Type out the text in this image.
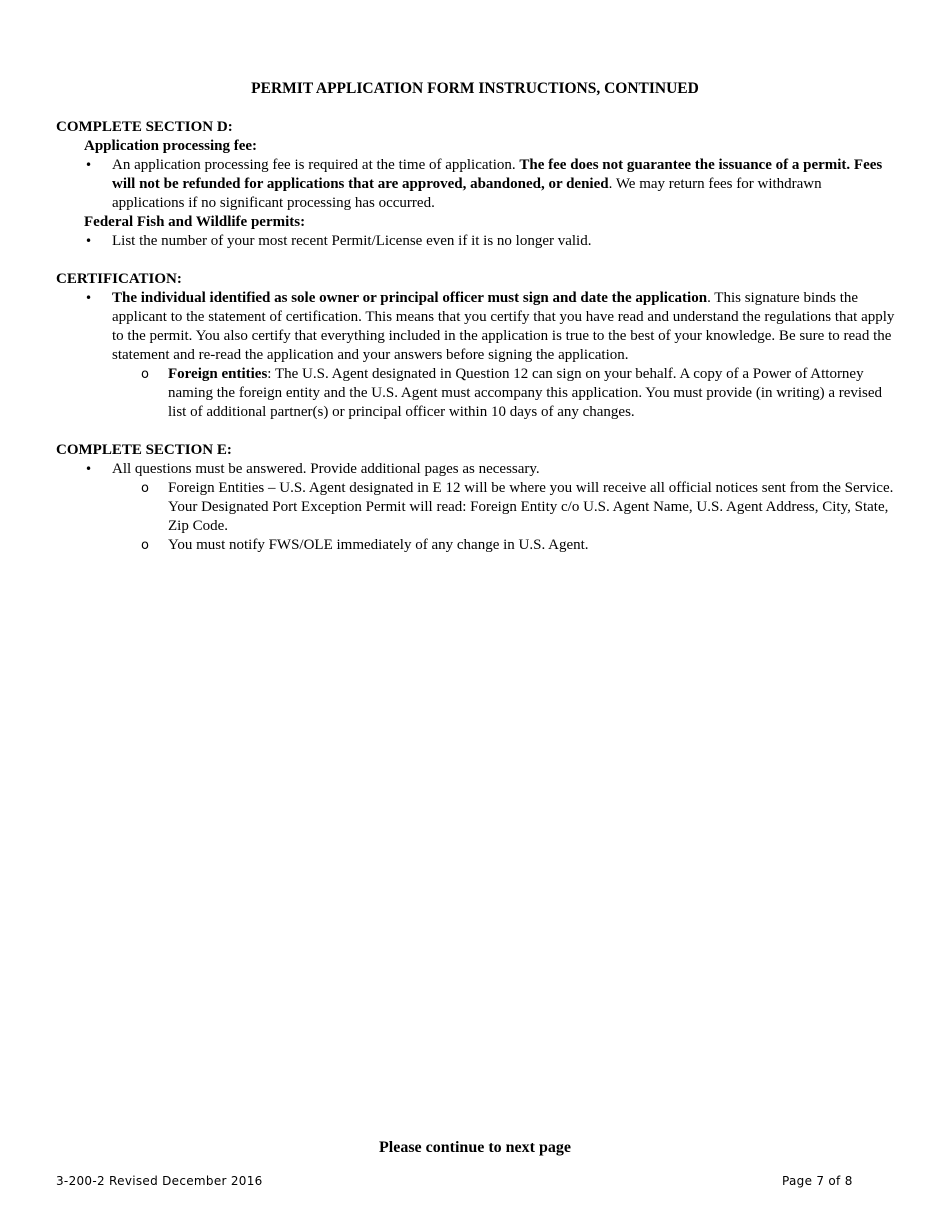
PERMIT APPLICATION FORM INSTRUCTIONS, CONTINUED
COMPLETE SECTION D:
Application processing fee:
• An application processing fee is required at the time of application. The fee does not guarantee the issuance of a permit. Fees will not be refunded for applications that are approved, abandoned, or denied. We may return fees for withdrawn applications if no significant processing has occurred.
Federal Fish and Wildlife permits:
• List the number of your most recent Permit/License even if it is no longer valid.
CERTIFICATION:
• The individual identified as sole owner or principal officer must sign and date the application. This signature binds the applicant to the statement of certification. This means that you certify that you have read and understand the regulations that apply to the permit. You also certify that everything included in the application is true to the best of your knowledge. Be sure to read the statement and re-read the application and your answers before signing the application.
o Foreign entities: The U.S. Agent designated in Question 12 can sign on your behalf. A copy of a Power of Attorney naming the foreign entity and the U.S. Agent must accompany this application. You must provide (in writing) a revised list of additional partner(s) or principal officer within 10 days of any changes.
COMPLETE SECTION E:
• All questions must be answered. Provide additional pages as necessary.
o Foreign Entities – U.S. Agent designated in E 12 will be where you will receive all official notices sent from the Service. Your Designated Port Exception Permit will read: Foreign Entity c/o U.S. Agent Name, U.S. Agent Address, City, State, Zip Code.
o You must notify FWS/OLE immediately of any change in U.S. Agent.
Please continue to next page
3-200-2 Revised December 2016	Page 7 of 8
